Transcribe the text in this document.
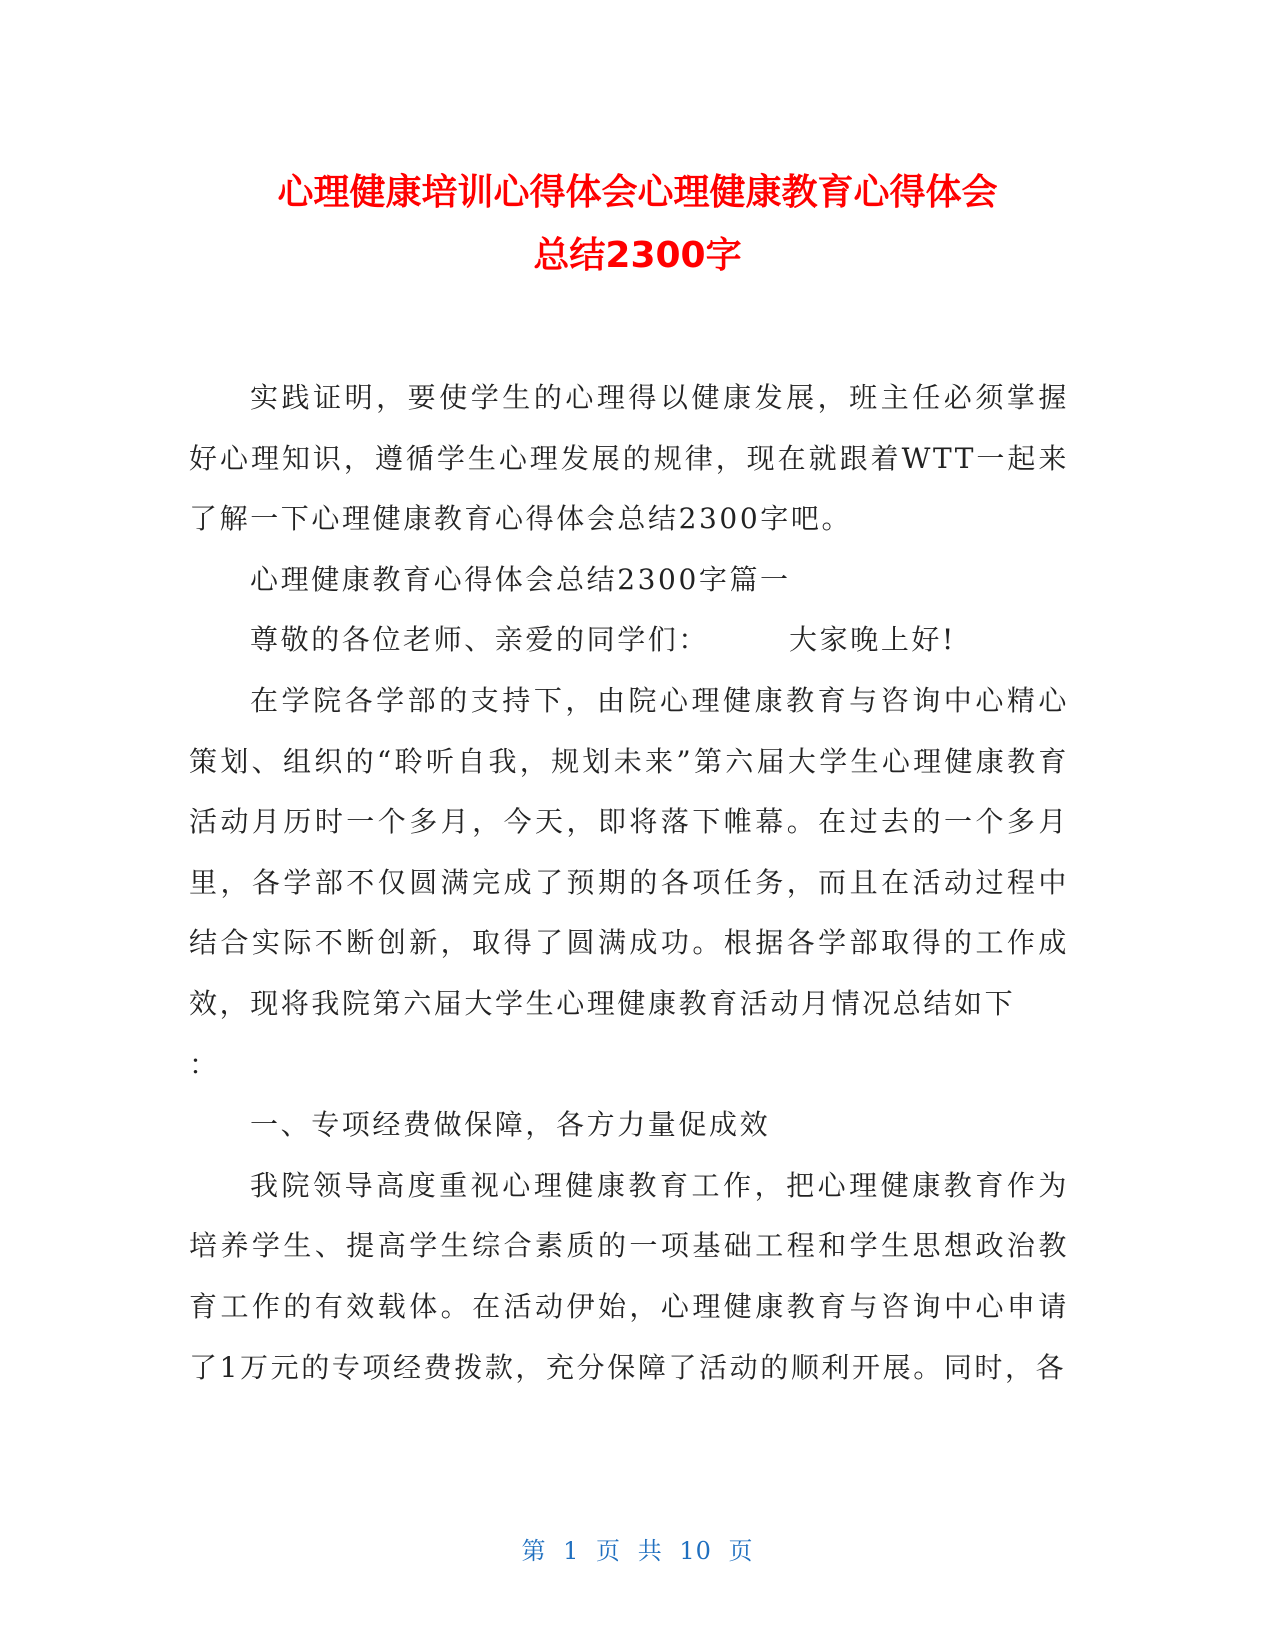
心理健康培训心得体会心理健康教育心得体会
总结2300字

实践证明，要使学生的心理得以健康发展，班主任必须掌握好心理知识，遵循学生心理发展的规律，现在就跟着WTT一起来了解一下心理健康教育心得体会总结2300字吧。

心理健康教育心得体会总结2300字篇一

尊敬的各位老师、亲爱的同学们：	大家晚上好!

在学院各学部的支持下，由院心理健康教育与咨询中心精心策划、组织的“聆听自我，规划未来”第六届大学生心理健康教育活动月历时一个多月，今天，即将落下帷幕。在过去的一个多月里，各学部不仅圆满完成了预期的各项任务，而且在活动过程中结合实际不断创新，取得了圆满成功。根据各学部取得的工作成效，现将我院第六届大学生心理健康教育活动月情况总结如下

：

一、专项经费做保障，各方力量促成效

我院领导高度重视心理健康教育工作，把心理健康教育作为培养学生、提高学生综合素质的一项基础工程和学生思想政治教育工作的有效载体。在活动伊始，心理健康教育与咨询中心申请了1万元的专项经费拨款，充分保障了活动的顺利开展。同时，各

第 1 页 共 10 页
